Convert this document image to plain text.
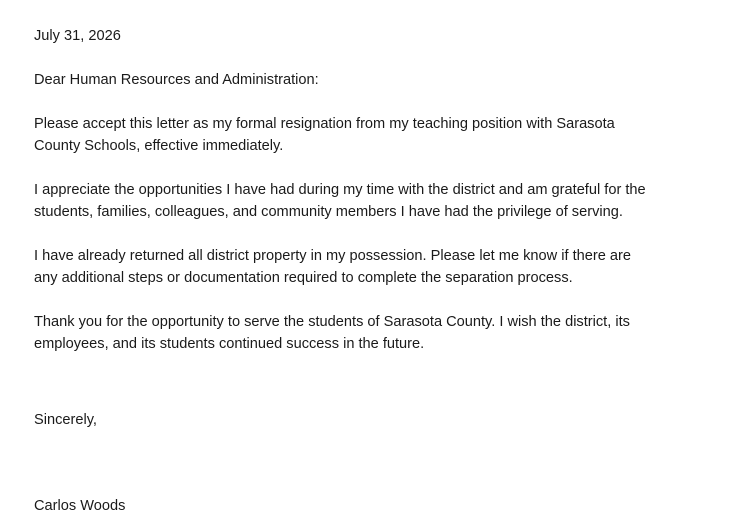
July 31, 2026

Dear Human Resources and Administration:

Please accept this letter as my formal resignation from my teaching position with Sarasota

County Schools, effective immediately.

I appreciate the opportunities I have had during my time with the district and am grateful for the

students, families, colleagues, and community members I have had the privilege of serving.

I have already returned all district property in my possession. Please let me know if there are

any additional steps or documentation required to complete the separation process.

Thank you for the opportunity to serve the students of Sarasota County. I wish the district, its

employees, and its students continued success in the future.

Sincerely,

Carlos Woods
